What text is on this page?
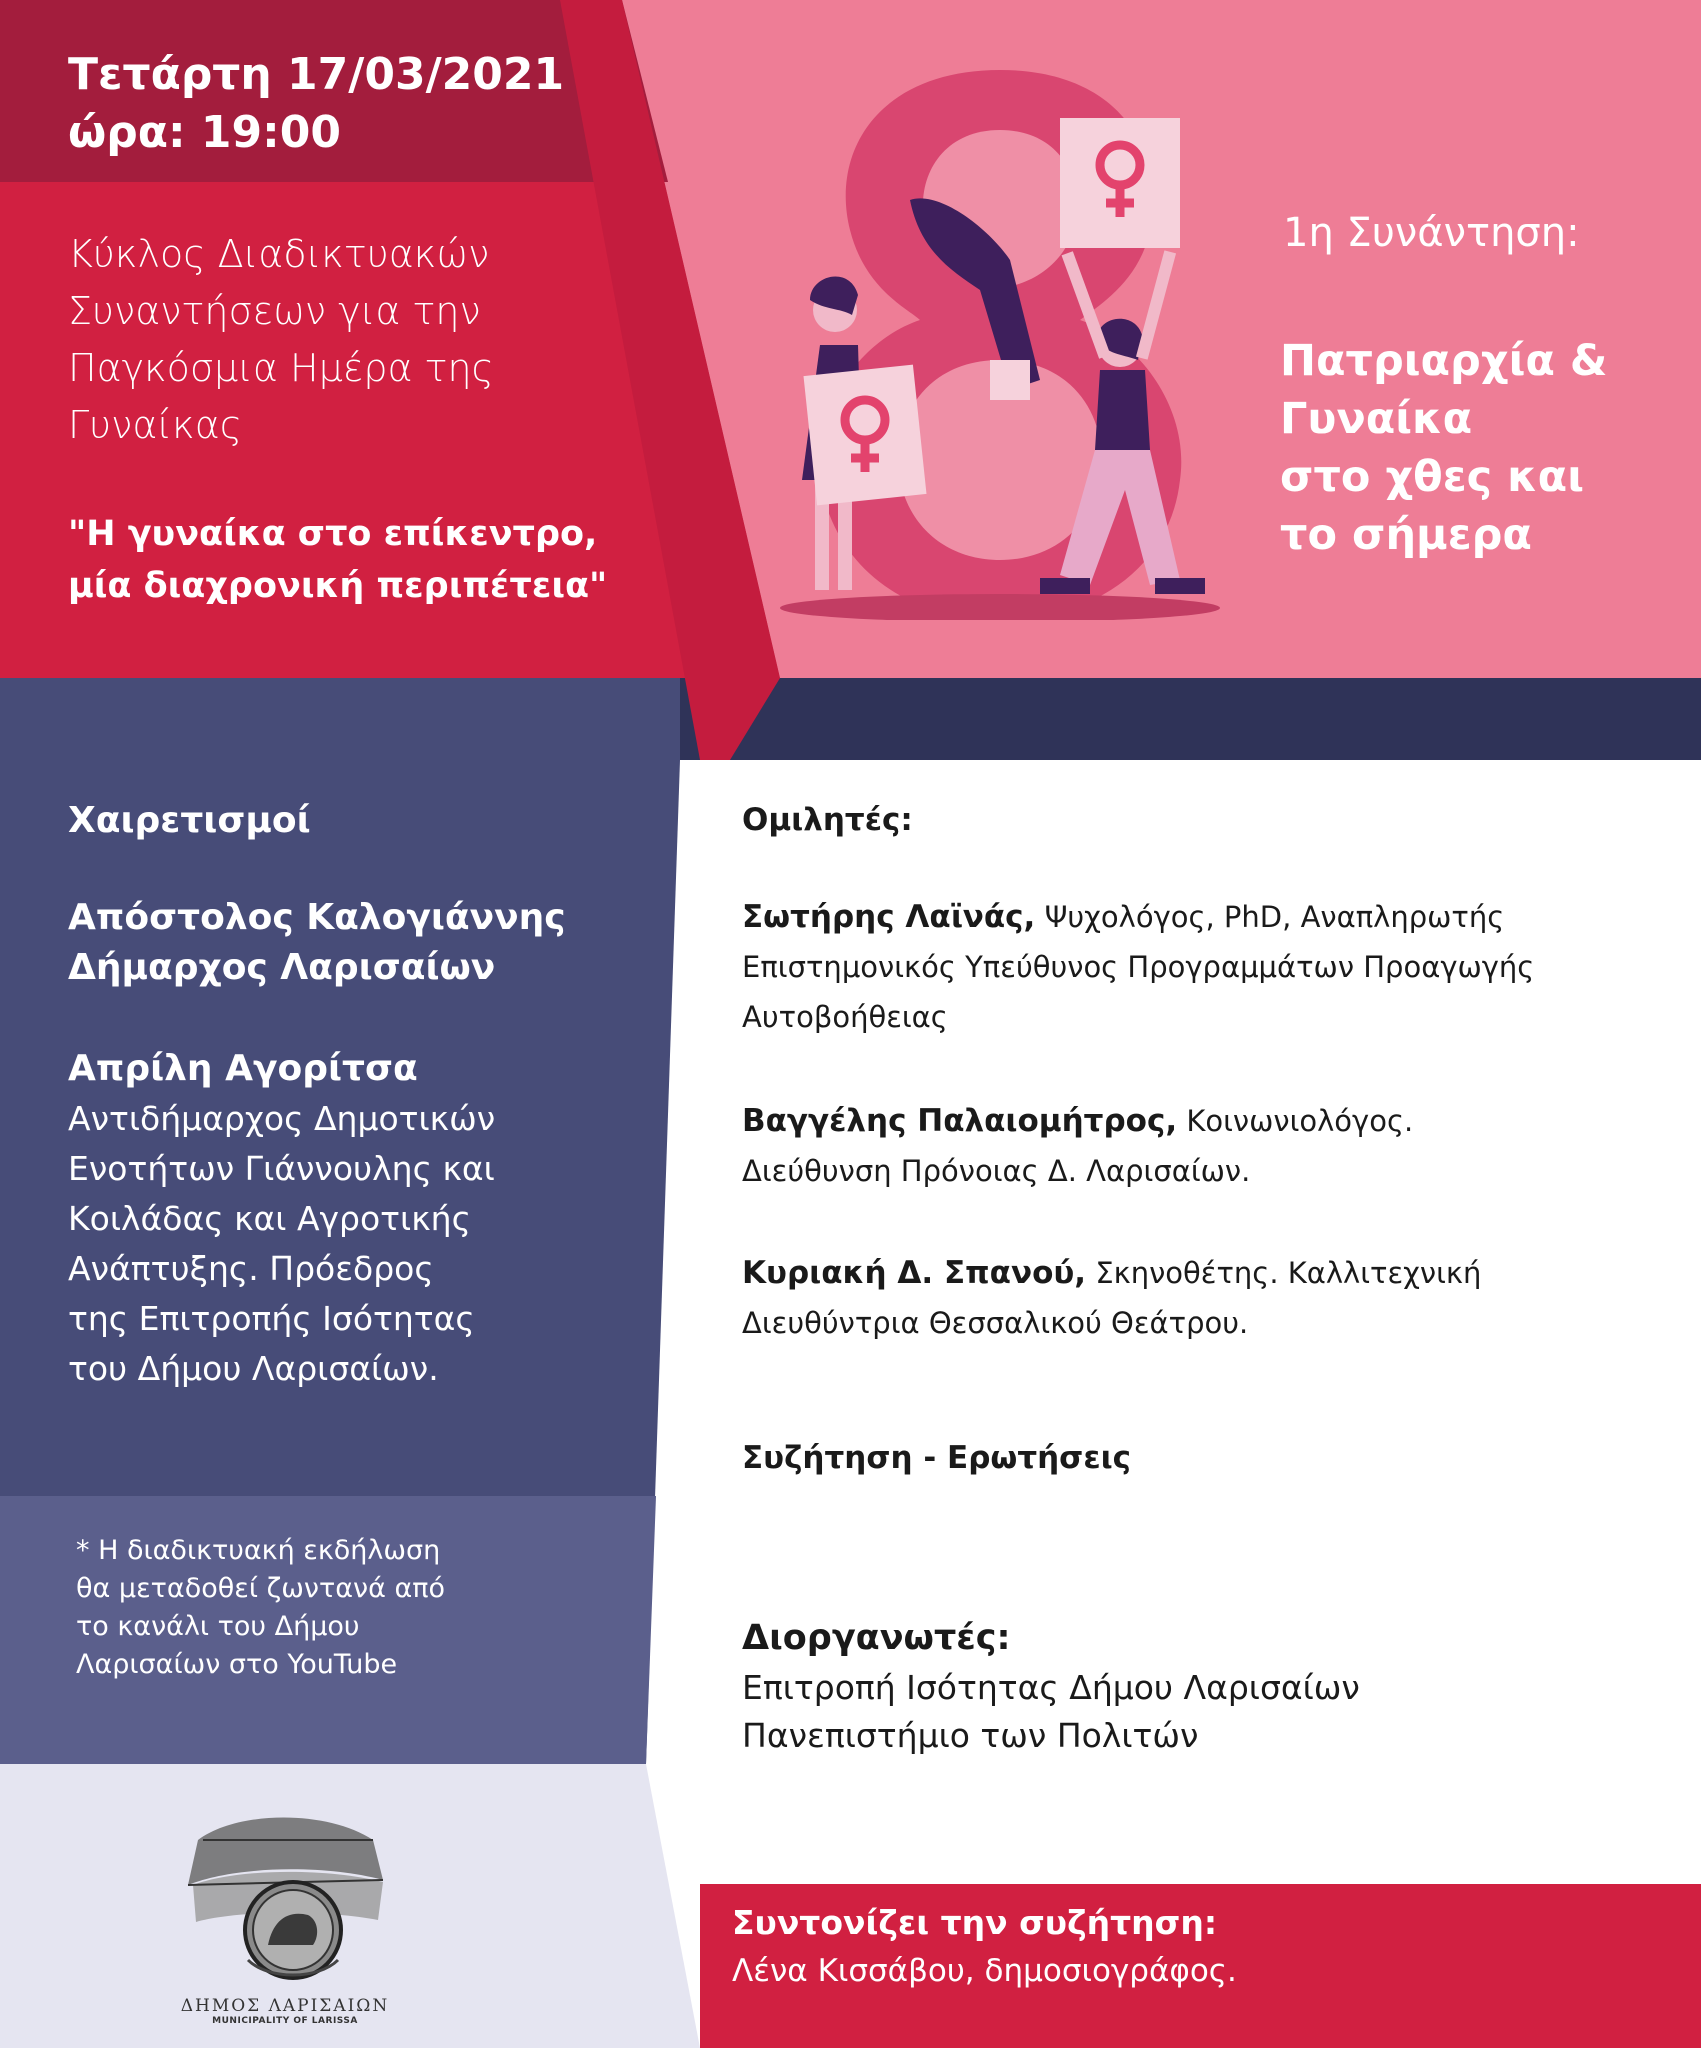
Τετάρτη 17/03/2021
ώρα: 19:00
Κύκλος Διαδικτυακών
Συναντήσεων για την
Παγκόσμια Ημέρα της
Γυναίκας
"Η γυναίκα στο επίκεντρο,
μία διαχρονική περιπέτεια"
1η Συνάντηση:
Πατριαρχία &
Γυναίκα
στο χθες και
το σήμερα
Χαιρετισμοί
Απόστολος Καλογιάννης
Δήμαρχος Λαρισαίων
Απρίλη Αγορίτσα
Αντιδήμαρχος Δημοτικών
Ενοτήτων Γιάννουλης και
Κοιλάδας και Αγροτικής
Ανάπτυξης. Πρόεδρος
της Επιτροπής Ισότητας
του Δήμου Λαρισαίων.
* Η διαδικτυακή εκδήλωση
θα μεταδοθεί ζωντανά από
το κανάλι του Δήμου
Λαρισαίων στο YouTube
ΔΗΜΟΣ ΛΑΡΙΣΑΙΩΝ
MUNICIPALITY OF LARISSA
Ομιλητές:
Σωτήρης Λαϊνάς, Ψυχολόγος, PhD, Αναπληρωτής
Επιστημονικός Υπεύθυνος Προγραμμάτων Προαγωγής
Αυτοβοήθειας
Βαγγέλης Παλαιομήτρος, Κοινωνιολόγος.
Διεύθυνση Πρόνοιας Δ. Λαρισαίων.
Κυριακή Δ. Σπανού, Σκηνοθέτης. Καλλιτεχνική
Διευθύντρια Θεσσαλικού Θεάτρου.
Συζήτηση - Ερωτήσεις
Διοργανωτές:
Επιτροπή Ισότητας Δήμου Λαρισαίων
Πανεπιστήμιο των Πολιτών
Συντονίζει την συζήτηση:
Λένα Κισσάβου, δημοσιογράφος.
